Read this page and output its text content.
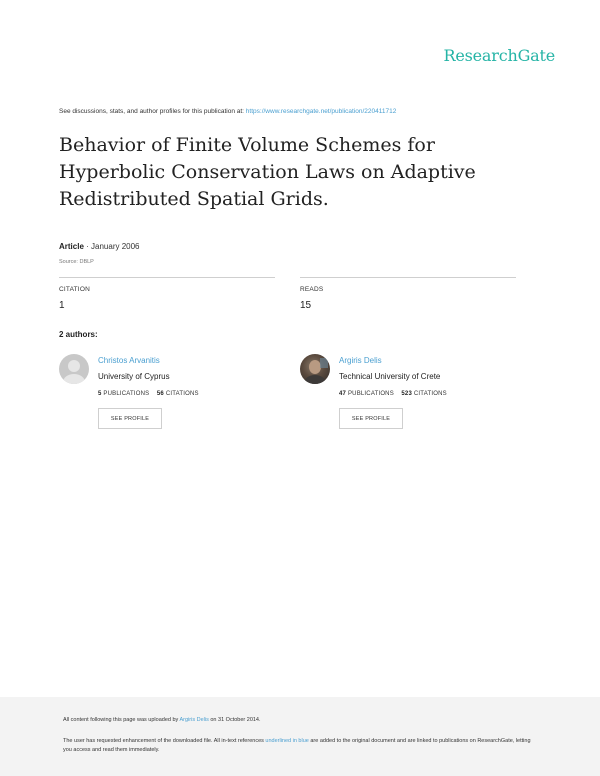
ResearchGate
See discussions, stats, and author profiles for this publication at: https://www.researchgate.net/publication/220411712
Behavior of Finite Volume Schemes for
Hyperbolic Conservation Laws on Adaptive
Redistributed Spatial Grids.
Article · January 2006
Source: DBLP
CITATION
1
READS
15
2 authors:
Christos Arvanitis
University of Cyprus
5 PUBLICATIONS 56 CITATIONS
SEE PROFILE
Argiris Delis
Technical University of Crete
47 PUBLICATIONS 523 CITATIONS
SEE PROFILE

All content following this page was uploaded by Argiris Delis on 31 October 2014.

The user has requested enhancement of the downloaded file. All in-text references underlined in blue are added to the original document and are linked to publications on ResearchGate, letting you access and read them immediately.
